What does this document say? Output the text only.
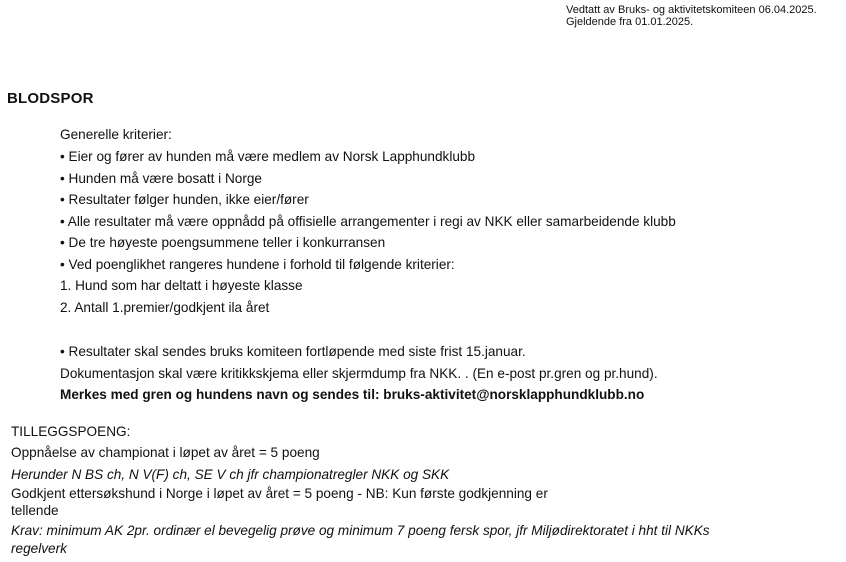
Vedtatt av Bruks- og aktivitetskomiteen 06.04.2025.
Gjeldende fra 01.01.2025.
BLODSPOR
Generelle kriterier:
• Eier og fører av hunden må være medlem av Norsk Lapphundklubb
• Hunden må være bosatt i Norge
• Resultater følger hunden, ikke eier/fører
• Alle resultater må være oppnådd på offisielle arrangementer i regi av NKK eller samarbeidende klubb
• De tre høyeste poengsummene teller i konkurransen
• Ved poenglikhet rangeres hundene i forhold til følgende kriterier:
1. Hund som har deltatt i høyeste klasse
2. Antall 1.premier/godkjent ila året
• Resultater skal sendes bruks komiteen fortløpende med siste frist 15.januar.
Dokumentasjon skal være kritikkskjema eller skjermdump fra NKK. . (En e-post pr.gren og pr.hund).
Merkes med gren og hundens navn og sendes til: bruks-aktivitet@norsklapphundklubb.no
TILLEGGSPOENG:
Oppnåelse av championat i løpet av året = 5 poeng
Herunder N BS ch, N V(F) ch, SE V ch jfr championatregler NKK og SKK
Godkjent ettersøkshund i Norge i løpet av året = 5 poeng - NB: Kun første godkjenning er
tellende
Krav: minimum AK 2pr. ordinær el bevegelig prøve og minimum 7 poeng fersk spor, jfr Miljødirektoratet i hht til NKKs
regelverk
